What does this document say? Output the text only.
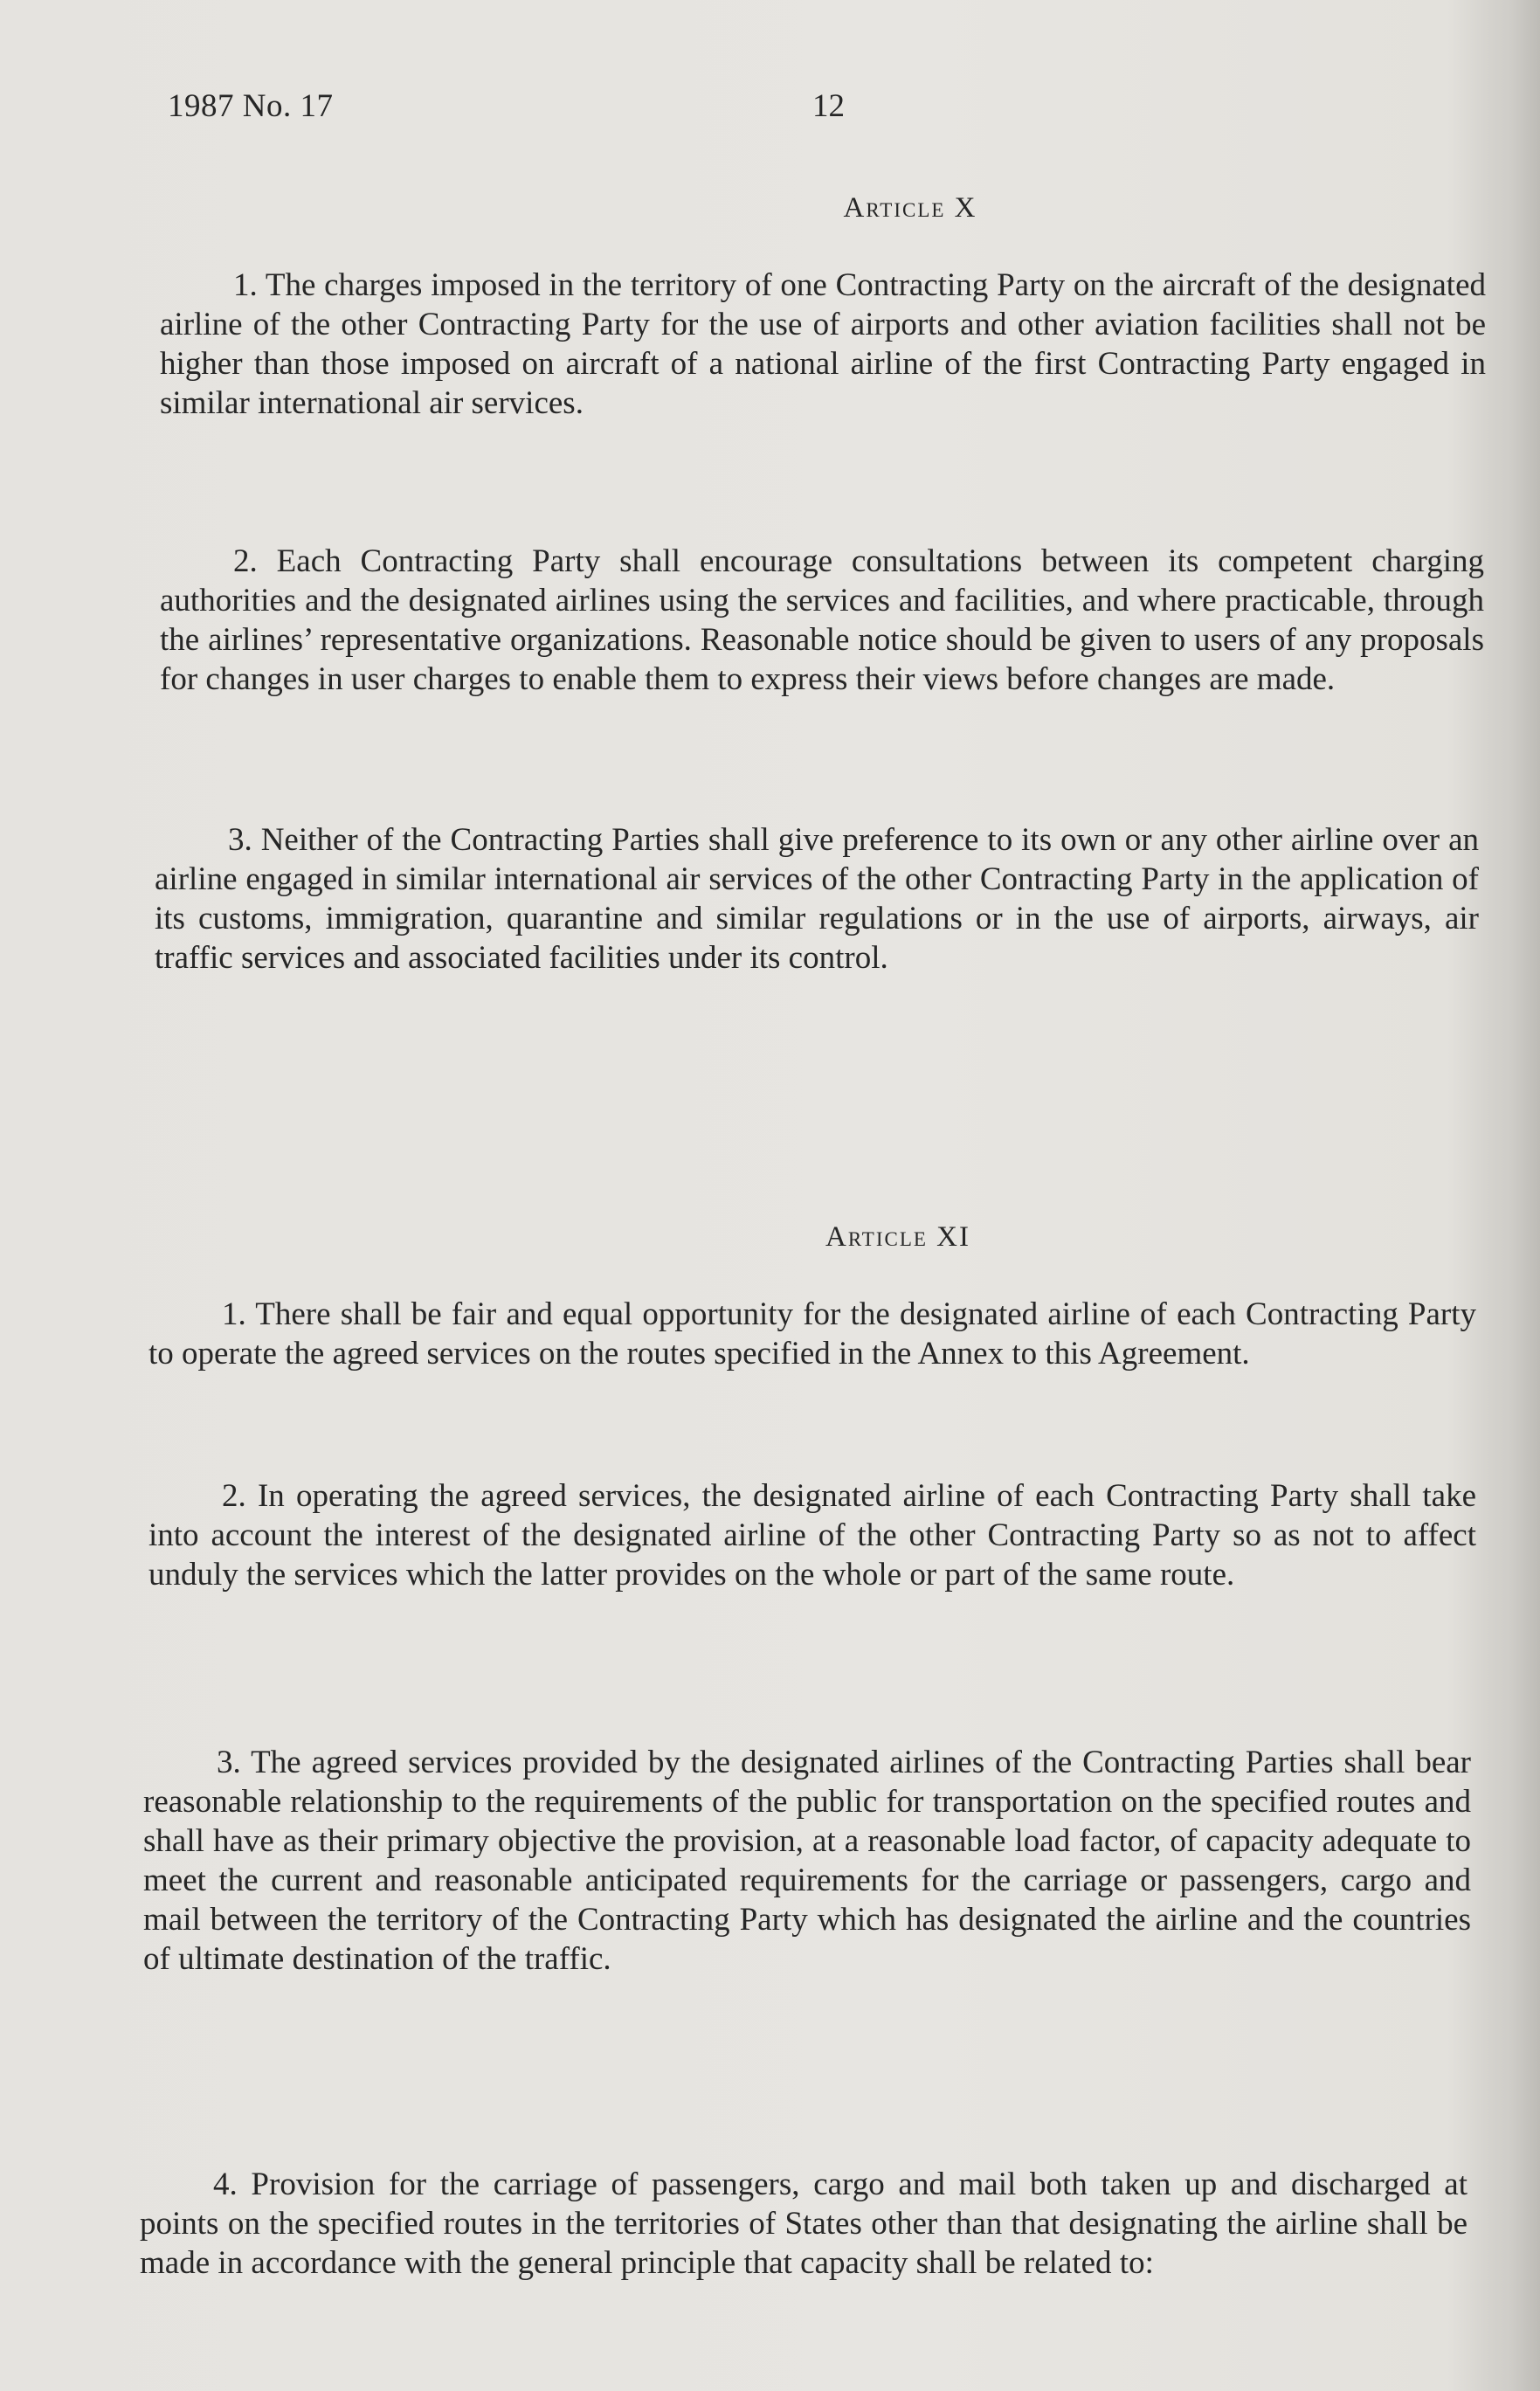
1987 No. 17	12
Article X

1. The charges imposed in the territory of one Contracting Party on the aircraft of the designated airline of the other Contracting Party for the use of airports and other aviation facilities shall not be higher than those imposed on aircraft of a national airline of the first Contracting Party engaged in similar international air services.

2. Each Contracting Party shall encourage consultations between its competent charging authorities and the designated airlines using the services and facilities, and where practicable, through the airlines’ representative organizations. Reasonable notice should be given to users of any proposals for changes in user charges to enable them to express their views before changes are made.

3. Neither of the Contracting Parties shall give preference to its own or any other airline over an airline engaged in similar international air services of the other Contracting Party in the application of its customs, immigration, quarantine and similar regulations or in the use of airports, airways, air traffic services and associated facilities under its control.

Article XI

1. There shall be fair and equal opportunity for the designated airline of each Contracting Party to operate the agreed services on the routes specified in the Annex to this Agreement.

2. In operating the agreed services, the designated airline of each Contracting Party shall take into account the interest of the designated airline of the other Contracting Party so as not to affect unduly the services which the latter provides on the whole or part of the same route.

3. The agreed services provided by the designated airlines of the Contracting Parties shall bear reasonable relationship to the requirements of the public for transportation on the specified routes and shall have as their primary objective the provision, at a reasonable load factor, of capacity adequate to meet the current and reasonable anticipated requirements for the carriage or passengers, cargo and mail between the territory of the Contracting Party which has designated the airline and the countries of ultimate destination of the traffic.

4. Provision for the carriage of passengers, cargo and mail both taken up and discharged at points on the specified routes in the territories of States other than that designating the airline shall be made in accordance with the general principle that capacity shall be related to:
